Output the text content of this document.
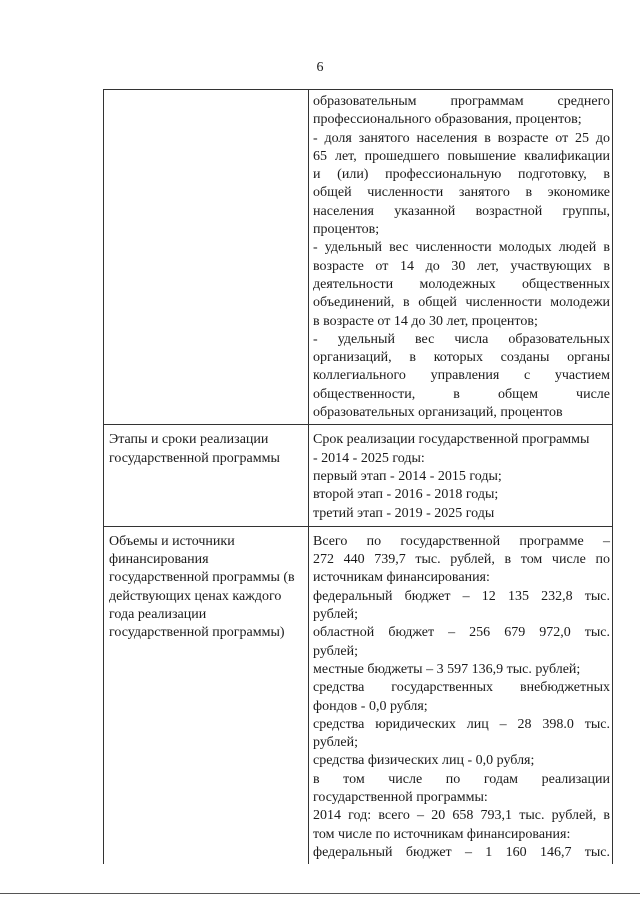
6
образовательным программам среднего
профессионального образования, процентов;
- доля занятого населения в возрасте от 25 до
65 лет, прошедшего повышение квалификации
и (или) профессиональную подготовку, в
общей численности занятого в экономике
населения указанной возрастной группы,
процентов;
- удельный вес численности молодых людей в
возрасте от 14 до 30 лет, участвующих в
деятельности молодежных общественных
объединений, в общей численности молодежи
в возрасте от 14 до 30 лет, процентов;
- удельный вес числа образовательных
организаций, в которых созданы органы
коллегиального управления с участием
общественности, в общем числе
образовательных организаций, процентов
Этапы и сроки реализации
государственной программы
Срок реализации государственной программы
- 2014 - 2025 годы:
первый этап - 2014 - 2015 годы;
второй этап - 2016 - 2018 годы;
третий этап - 2019 - 2025 годы
Объемы и источники
финансирования
государственной программы (в
действующих ценах каждого
года реализации
государственной программы)
Всего по государственной программе –
272 440 739,7 тыс. рублей, в том числе по
источникам финансирования:
федеральный бюджет – 12 135 232,8 тыс.
рублей;
областной бюджет – 256 679 972,0 тыс.
рублей;
местные бюджеты – 3 597 136,9 тыс. рублей;
средства государственных внебюджетных
фондов - 0,0 рубля;
средства юридических лиц – 28 398.0 тыс.
рублей;
средства физических лиц - 0,0 рубля;
в том числе по годам реализации
государственной программы:
2014 год: всего – 20 658 793,1 тыс. рублей, в
том числе по источникам финансирования:
федеральный бюджет – 1 160 146,7 тыс.
